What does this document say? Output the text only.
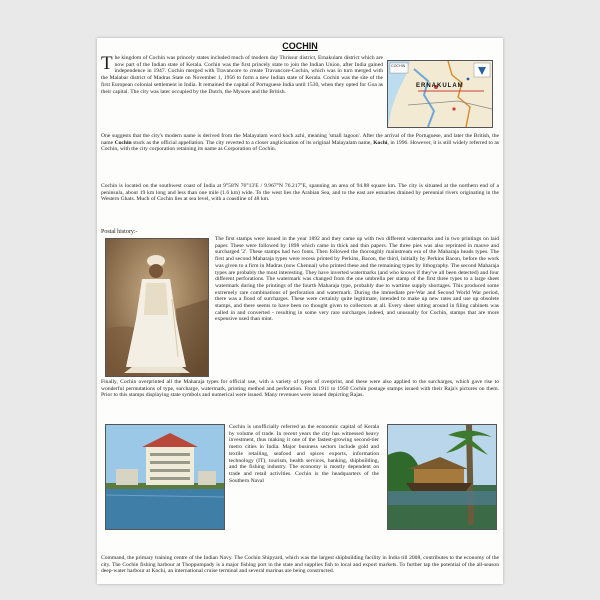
COCHIN

The kingdom of Cochin was princely states included much of modern day Thrissur district, Ernakulam district which are now part of the Indian state of Kerala. Cochin was the first princely state to join the Indian Union, after India gained independence in 1947. Cochin merged with Travancore to create Travancore-Cochin, which was in turn merged with the Malabar district of Madras State on November 1, 1956 to form a new Indian state of Kerala. Cochin was the site of the first European colonial settlement in India. It remained the capital of Portuguese India until 1530, when they opted for Goa as their capital. The city was later occupied by the Dutch, the Mysore and the British.

COCHIN
ERNAKULAM

One suggests that the city's modern name is derived from the Malayalam word koch azhi, meaning 'small lagoon'. After the arrival of the Portuguese, and later the British, the name Cochin stuck as the official appellation. The city reverted to a closer anglicisation of its original Malayalam name, Kochi, in 1996. However, it is still widely referred to as Cochin, with the city corporation retaining its name as Corporation of Cochin.

Cochin is located on the southwest coast of India at 9°58'N 76°13'E / 9.967°N 76.217°E, spanning an area of 94.88 square km. The city is situated at the northern end of a peninsula, about 19 km long and less than one mile (1.6 km) wide. To the west lies the Arabian Sea, and to the east are estuaries drained by perennial rivers originating in the Western Ghats. Much of Cochin lies at sea level, with a coastline of 48 km.

Postal history:-

The first stamps were issued in the year 1892 and they came up with two different watermarks and in two printings on laid paper. These were followed by 1898 which came in thick and thin papers. The three pies was also reprinted in mauve and surcharged '2'. These stamps had two fonts. Then followed the thoroughly mainstream era of the Maharaja heads types. The first and second Maharaja types were recess printed by Perkins, Bacon, the third, initially by Perkins Bacon, before the work was given to a firm in Madras (now Chennai) who printed these and the remaining types by lithography. The second Maharaja types are probably the most interesting. They have inverted watermarks (and who knows if they've all been detected) and four different perforations. The watermark was changed from the one umbrella per stamp of the first three types to a large sheet watermark during the printings of the fourth Maharaja type, probably due to wartime supply shortages. This produced some extremely rare combinations of perforation and watermark. During the immediate pre-War and Second World War period, there was a flood of surcharges. These were certainly quite legitimate, intended to make up new rates and use up obsolete stamps, and there seems to have been no thought given to collectors at all. Every sheet sitting around in filing cabinets was called in and converted - resulting in some very rare surcharges indeed, and unusually for Cochin, stamps that are more expensive used than mint.

Finally, Cochin overprinted all the Maharaja types for official use, with a variety of types of overprint, and these were also applied to the surcharges, which gave rise to wonderful permutations of type, surcharge, watermark, printing method and perforation. From 1911 to 1950 Cochin postage stamps issued with their Raja's pictures on them. Prior to this stamps displaying state symbols and numerical were issued. Many revenues were issued depicting Rajas.

Cochin is unofficially referred as the economic capital of Kerala by volume of trade. In recent years the city has witnessed heavy investment, thus making it one of the fastest-growing second-tier metro cities in India. Major business sectors include gold and textile retailing, seafood and spices exports, information technology (IT), tourism, health services, banking, shipbuilding, and the fishing industry. The economy is mostly dependent on trade and retail activities. Cochin is the headquarters of the Southern Naval

Command, the primary training centre of the Indian Navy. The Cochin Shipyard, which was the largest shipbuilding facility in India till 2008, contributes to the economy of the city. The Cochin fishing harbour at Thoppumpady is a major fishing port in the state and supplies fish to local and export markets. To further tap the potential of the all-season deep-water harbour at Kochi, an international cruise terminal and several marinas are being constructed.
